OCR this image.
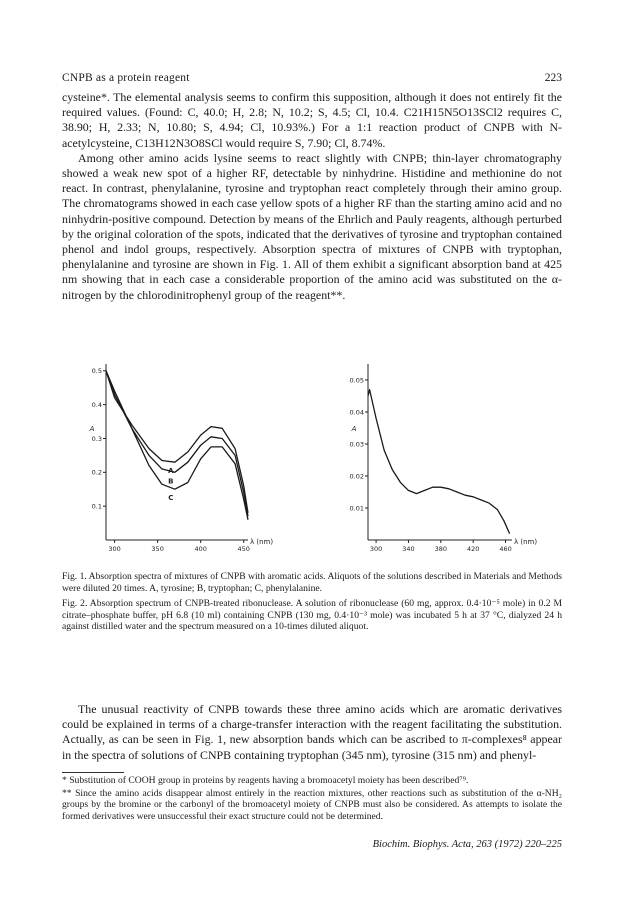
CNPB as a protein reagent	223

cysteine*. The elemental analysis seems to confirm this supposition, although it does not entirely fit the required values. (Found: C, 40.0; H, 2.8; N, 10.2; S, 4.5; Cl, 10.4. C21H15N5O13SCl2 requires C, 38.90; H, 2.33; N, 10.80; S, 4.94; Cl, 10.93%.) For a 1:1 reaction product of CNPB with N-acetylcysteine, C13H12N3O8SCl would require S, 7.90; Cl, 8.74%.

Among other amino acids lysine seems to react slightly with CNPB; thin-layer chromatography showed a weak new spot of a higher RF, detectable by ninhydrine. Histidine and methionine do not react. In contrast, phenylalanine, tyrosine and tryptophan react completely through their amino group. The chromatograms showed in each case yellow spots of a higher RF than the starting amino acid and no ninhydrin-positive compound. Detection by means of the Ehrlich and Pauly reagents, although perturbed by the original coloration of the spots, indicated that the derivatives of tyrosine and tryptophan contained phenol and indol groups, respectively. Absorption spectra of mixtures of CNPB with tryptophan, phenylalanine and tyrosine are shown in Fig. 1. All of them exhibit a significant absorption band at 425 nm showing that in each case a considerable proportion of the amino acid was substituted on the α-nitrogen by the chlorodinitrophenyl group of the reagent**.

300	350	400	450
0.1
0.2
0.3
0.4
0.5
A
λ (nm)
A
B
C
300	340	380	420	460
0.01
0.02
0.03
0.04
0.05
A
λ (nm)

Fig. 1. Absorption spectra of mixtures of CNPB with aromatic acids. Aliquots of the solutions described in Materials and Methods were diluted 20 times. A, tyrosine; B, tryptophan; C, phenylalanine.

Fig. 2. Absorption spectrum of CNPB-treated ribonuclease. A solution of ribonuclease (60 mg, approx. 0.4·10⁻⁵ mole) in 0.2 M citrate–phosphate buffer, pH 6.8 (10 ml) containing CNPB (130 mg, 0.4·10⁻³ mole) was incubated 5 h at 37 °C, dialyzed 24 h against distilled water and the spectrum measured on a 10-times diluted aliquot.

The unusual reactivity of CNPB towards these three amino acids which are aromatic derivatives could be explained in terms of a charge-transfer interaction with the reagent facilitating the substitution. Actually, as can be seen in Fig. 1, new absorption bands which can be ascribed to π-complexes⁸ appear in the spectra of solutions of CNPB containing tryptophan (345 nm), tyrosine (315 nm) and phenyl-

* Substitution of COOH group in proteins by reagents having a bromoacetyl moiety has been described⁷⁹.

** Since the amino acids disappear almost entirely in the reaction mixtures, other reactions such as substitution of the α-NH₂ groups by the bromine or the carbonyl of the bromoacetyl moiety of CNPB must also be considered. As attempts to isolate the formed derivatives were unsuccessful their exact structure could not be determined.

Biochim. Biophys. Acta, 263 (1972) 220–225
